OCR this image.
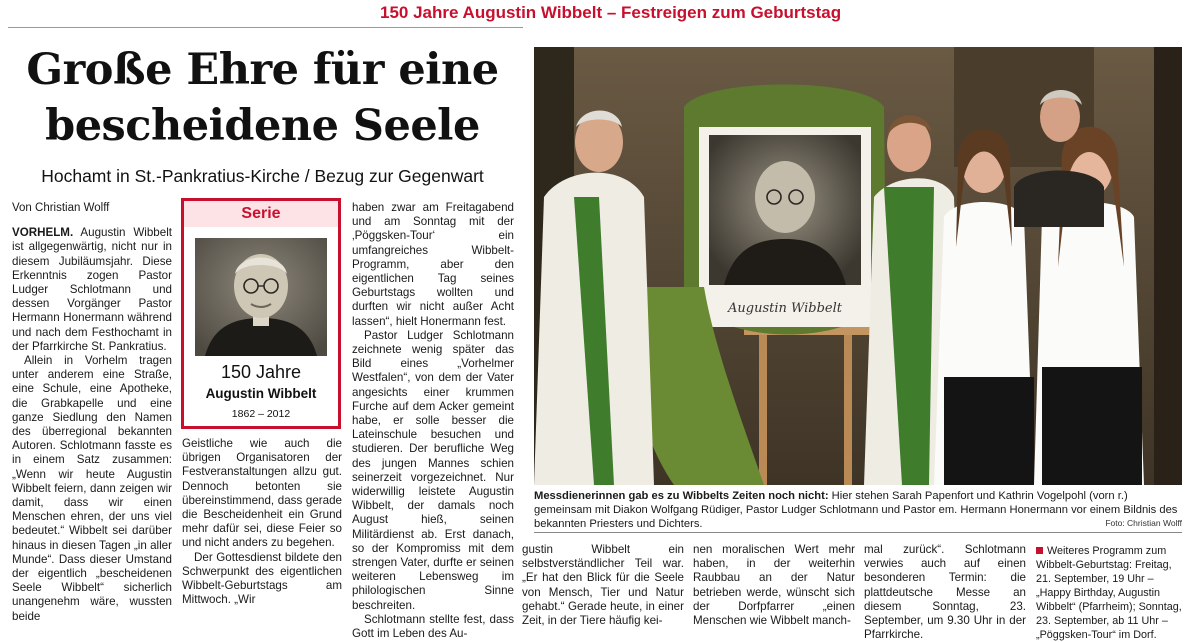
150 Jahre Augustin Wibbelt – Festreigen zum Geburtstag
Große Ehre für eine bescheidene Seele
Hochamt in St.-Pankratius-Kirche / Bezug zur Gegenwart

Von Christian Wolff

VORHELM. Augustin Wibbelt ist allgegenwärtig, nicht nur in diesem Jubiläumsjahr. Diese Erkenntnis zogen Pastor Ludger Schlotmann und dessen Vorgänger Pastor Hermann Honermann während und nach dem Festhochamt in der Pfarrkirche St. Pankratius.

Allein in Vorhelm tragen unter anderem eine Straße, eine Schule, eine Apotheke, die Grabkapelle und eine ganze Siedlung den Namen des überregional bekannten Autoren. Schlotmann fasste es in einem Satz zusammen: „Wenn wir heute Augustin Wibbelt feiern, dann zeigen wir damit, dass wir einen Menschen ehren, der uns viel bedeutet.“ Wibbelt sei darüber hinaus in diesen Tagen „in aller Munde“. Dass dieser Umstand der eigentlich „bescheidenen Seele Wibbelt“ sicherlich unangenehm wäre, wussten beide

Serie
150 Jahre
Augustin Wibbelt
1862 – 2012

Geistliche wie auch die übrigen Organisatoren der Festveranstaltungen allzu gut. Dennoch betonten sie übereinstimmend, dass gerade die Bescheidenheit ein Grund mehr dafür sei, diese Feier so und nicht anders zu begehen.

Der Gottesdienst bildete den Schwerpunkt des eigentlichen Wibbelt-Geburtstags am Mittwoch. „Wir

haben zwar am Freitagabend und am Sonntag mit der ‚Pöggsken-Tour‘ ein umfangreiches Wibbelt-Programm, aber den eigentlichen Tag seines Geburtstags wollten und durften wir nicht außer Acht lassen“, hielt Honermann fest.

Pastor Ludger Schlotmann zeichnete wenig später das Bild eines „Vorhelmer Westfalen“, von dem der Vater angesichts einer krummen Furche auf dem Acker gemeint habe, er solle besser die Lateinschule besuchen und studieren. Der berufliche Weg des jungen Mannes schien seinerzeit vorgezeichnet. Nur widerwillig leistete Augustin Wibbelt, der damals noch August hieß, seinen Militärdienst ab. Erst danach, so der Kompromiss mit dem strengen Vater, durfte er seinen weiteren Lebensweg im philologischen Sinne beschreiten.

Schlotmann stellte fest, dass Gott im Leben des Au-

Augustin Wibbelt
Messdienerinnen gab es zu Wibbelts Zeiten noch nicht: Hier stehen Sarah Papenfort und Kathrin Vogelpohl (vorn r.) gemeinsam mit Diakon Wolfgang Rüdiger, Pastor Ludger Schlotmann und Pastor em. Hermann Honermann vor einem Bildnis des bekannten Priesters und Dichters.	Foto: Christian Wolff

gustin Wibbelt ein selbstverständlicher Teil war. „Er hat den Blick für die Seele von Mensch, Tier und Natur gehabt.“ Gerade heute, in einer Zeit, in der Tiere häufig kei-

nen moralischen Wert mehr haben, in der weiterhin Raubbau an der Natur betrieben werde, wünscht sich der Dorfpfarrer „einen Menschen wie Wibbelt manch-

mal zurück“. Schlotmann verwies auch auf einen besonderen Termin: die plattdeutsche Messe an diesem Sonntag, 23. September, um 9.30 Uhr in der Pfarrkirche.

Weiteres Programm zum Wibbelt-Geburtstag: Freitag, 21. September, 19 Uhr – „Happy Birthday, Augustin Wibbelt“ (Pfarrheim); Sonntag, 23. September, ab 11 Uhr – „Pöggsken-Tour“ im Dorf.
